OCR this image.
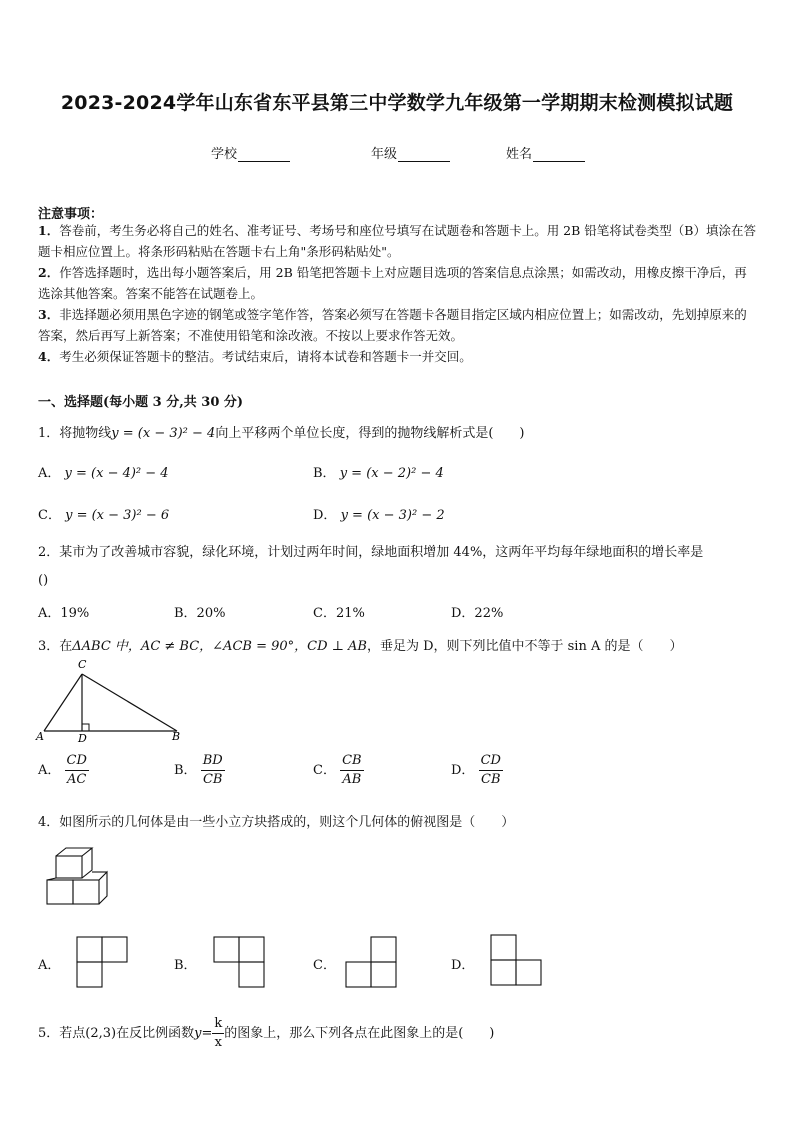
2023-2024学年山东省东平县第三中学数学九年级第一学期期末检测模拟试题
学校	年级	姓名
注意事项：
1．答卷前，考生务必将自己的姓名、准考证号、考场号和座位号填写在试题卷和答题卡上。用 2B 铅笔将试卷类型（B）填涂在答题卡相应位置上。将条形码粘贴在答题卡右上角"条形码粘贴处"。
2．作答选择题时，选出每小题答案后，用 2B 铅笔把答题卡上对应题目选项的答案信息点涂黑；如需改动，用橡皮擦干净后，再选涂其他答案。答案不能答在试题卷上。
3．非选择题必须用黑色字迹的钢笔或签字笔作答，答案必须写在答题卡各题目指定区域内相应位置上；如需改动，先划掉原来的答案，然后再写上新答案；不准使用铅笔和涂改液。不按以上要求作答无效。
4．考生必须保证答题卡的整洁。考试结束后，请将本试卷和答题卡一并交回。
一、选择题(每小题 3 分,共 30 分)
1．将抛物线y = (x − 3)² − 4向上平移两个单位长度，得到的抛物线解析式是(　　)
A． y = (x − 4)² − 4	B． y = (x − 2)² − 4
C． y = (x − 3)² − 6	D． y = (x − 3)² − 2
2．某市为了改善城市容貌，绿化环境，计划过两年时间，绿地面积增加 44%，这两年平均每年绿地面积的增长率是
()
A．19%	B．20%	C．21%	D．22%
3．在ΔABC 中，AC ≠ BC，∠ACB = 90°，CD ⊥ AB，垂足为 D，则下列比值中不等于 sin A 的是（　　）
C
A	D	B
A． $\frac{CD}{AC}$	B． $\frac{BD}{CB}$	C． $\frac{CB}{AB}$	D． $\frac{CD}{CB}$
4．如图所示的几何体是由一些小立方块搭成的，则这个几何体的俯视图是（　　）
A．	B．	C．	D．
5．若点(2,3)在反比例函数$y= \frac{k}{x}$ 的图象上，那么下列各点在此图象上的是(　　)
